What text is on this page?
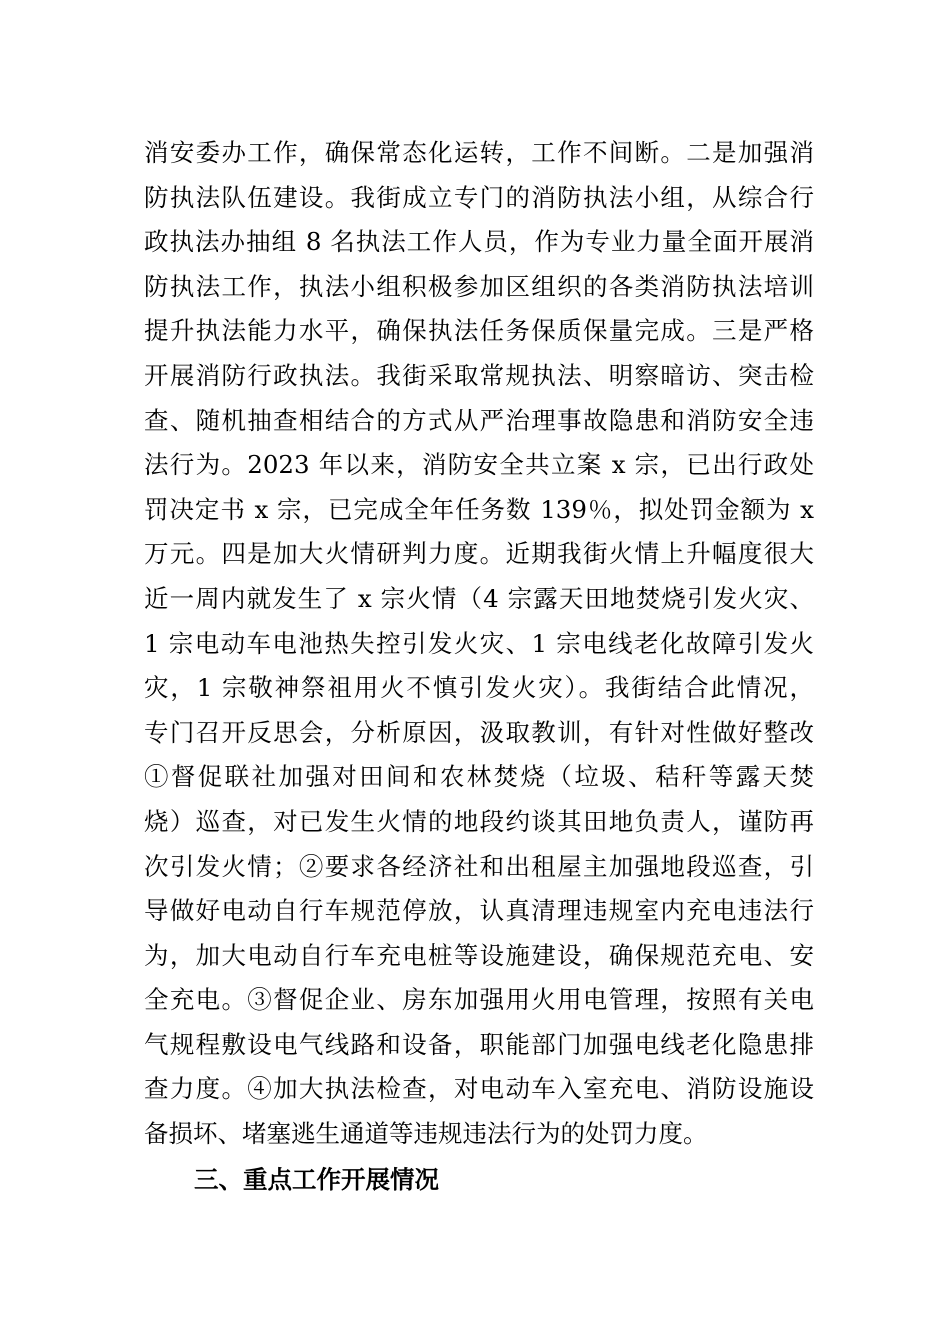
消安委办工作，确保常态化运转，工作不间断。二是加强消
防执法队伍建设。我街成立专门的消防执法小组，从综合行
政执法办抽组 8 名执法工作人员，作为专业力量全面开展消
防执法工作，执法小组积极参加区组织的各类消防执法培训
提升执法能力水平，确保执法任务保质保量完成。三是严格
开展消防行政执法。我街采取常规执法、明察暗访、突击检
查、随机抽查相结合的方式从严治理事故隐患和消防安全违
法行为。2023 年以来，消防安全共立案 x 宗，已出行政处
罚决定书 x 宗，已完成全年任务数 139％，拟处罚金额为 x
万元。四是加大火情研判力度。近期我街火情上升幅度很大
近一周内就发生了 x 宗火情（4 宗露天田地焚烧引发火灾、
1 宗电动车电池热失控引发火灾、1 宗电线老化故障引发火
灾，1 宗敬神祭祖用火不慎引发火灾）。我街结合此情况，
专门召开反思会，分析原因，汲取教训，有针对性做好整改
①督促联社加强对田间和农林焚烧（垃圾、秸秆等露天焚
烧）巡查，对已发生火情的地段约谈其田地负责人，谨防再
次引发火情；②要求各经济社和出租屋主加强地段巡查，引
导做好电动自行车规范停放，认真清理违规室内充电违法行
为，加大电动自行车充电桩等设施建设，确保规范充电、安
全充电。③督促企业、房东加强用火用电管理，按照有关电
气规程敷设电气线路和设备，职能部门加强电线老化隐患排
查力度。④加大执法检查，对电动车入室充电、消防设施设
备损坏、堵塞逃生通道等违规违法行为的处罚力度。
三、重点工作开展情况
